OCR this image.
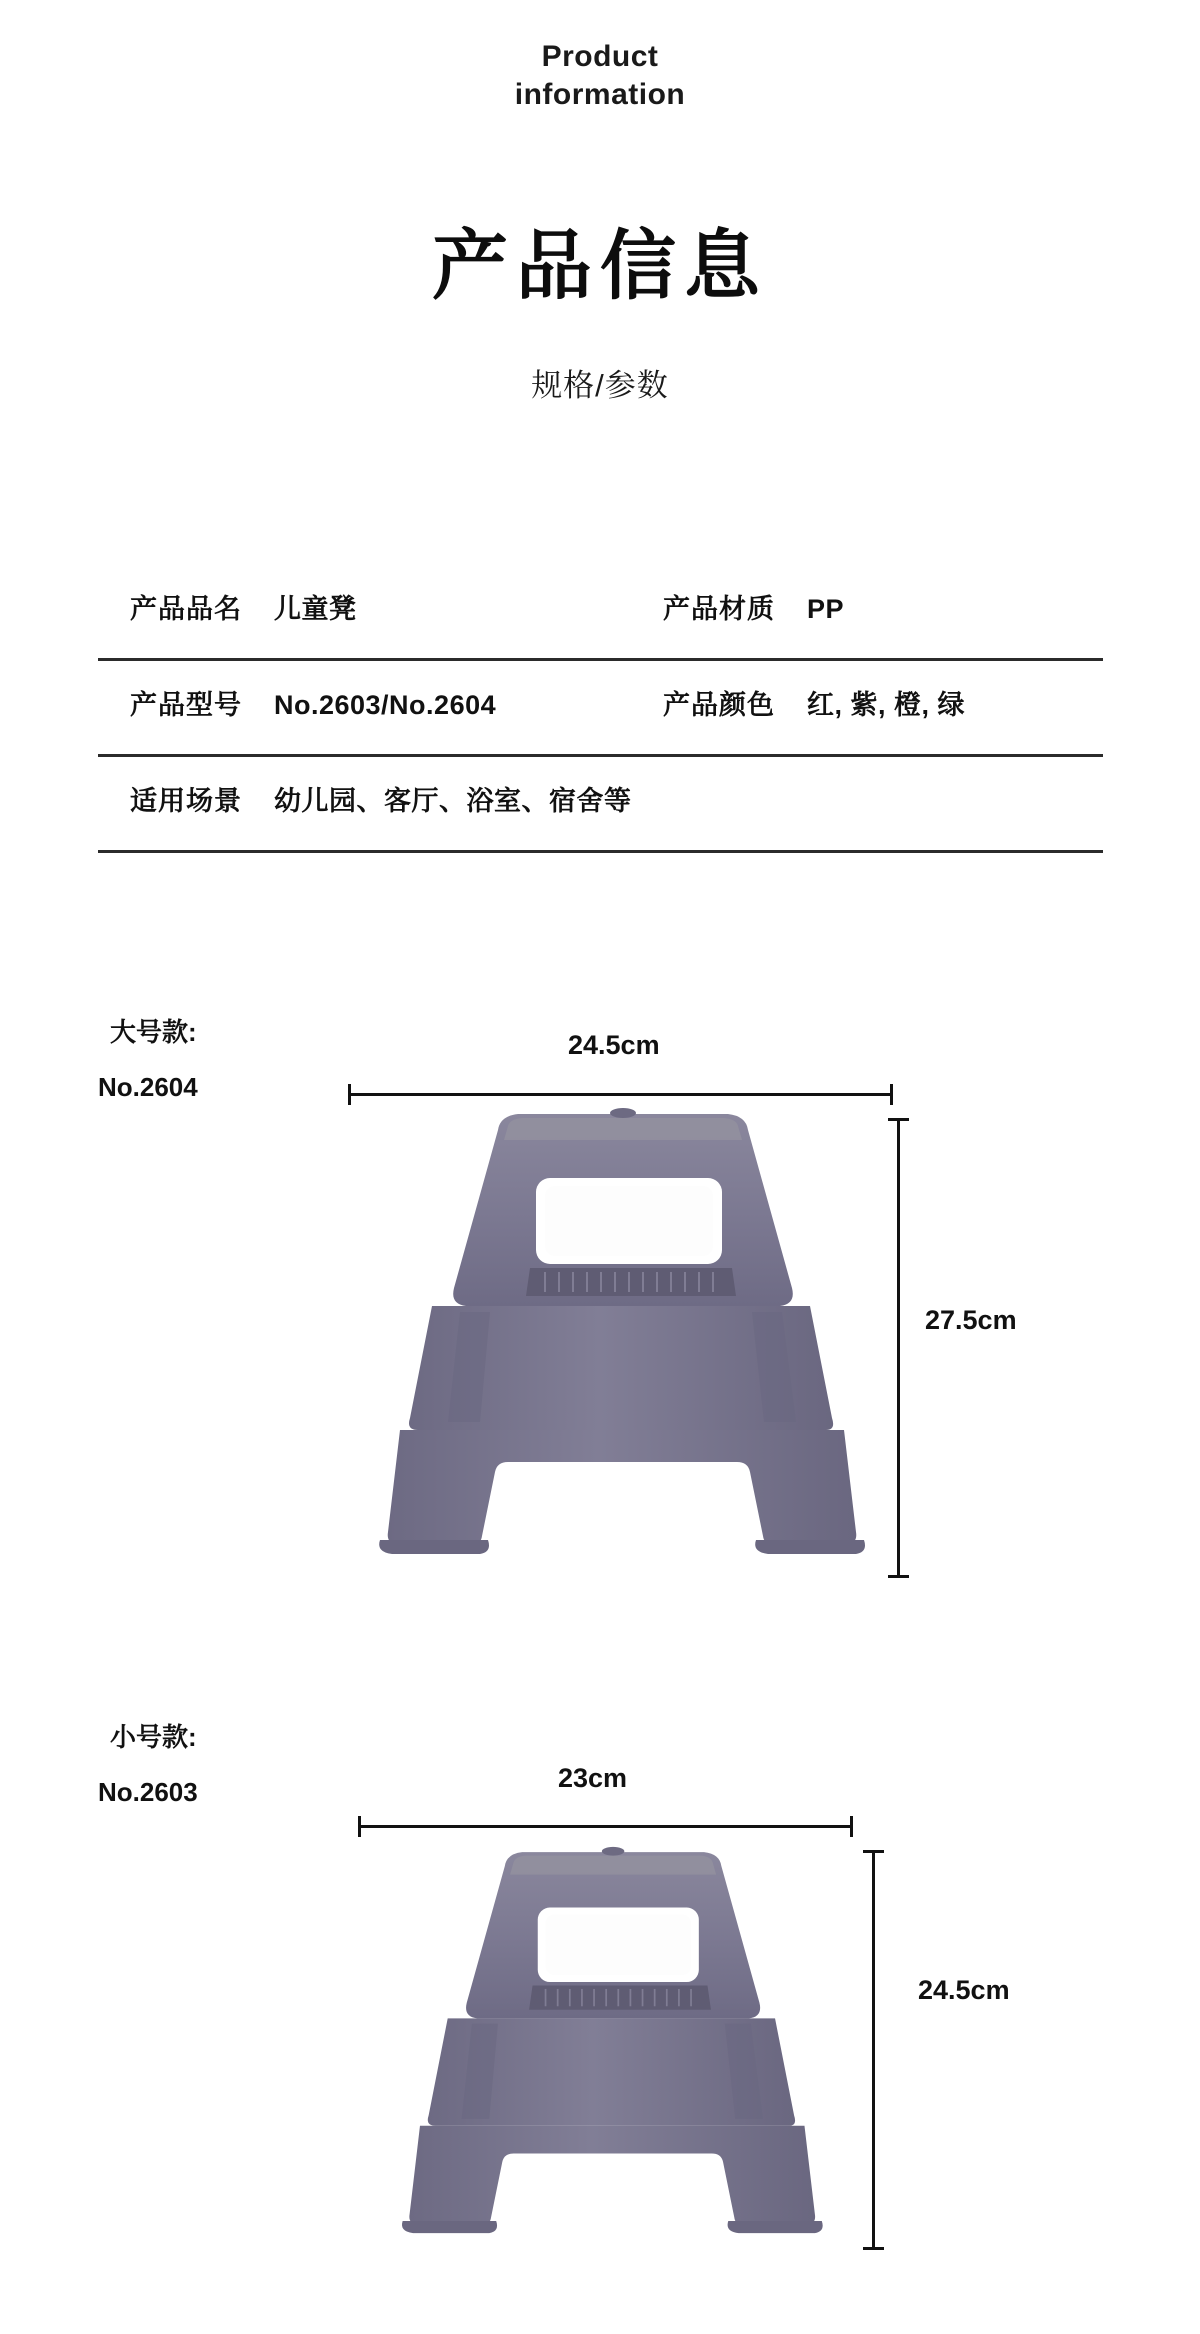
Product
information
产品信息
规格/参数
产品品名 儿童凳	产品材质 PP
产品型号 No.2603/No.2604	产品颜色 红, 紫, 橙, 绿
适用场景 幼儿园、客厅、浴室、宿舍等
大号款:
No.2604
24.5cm
27.5cm
小号款:
No.2603	23cm
24.5cm
